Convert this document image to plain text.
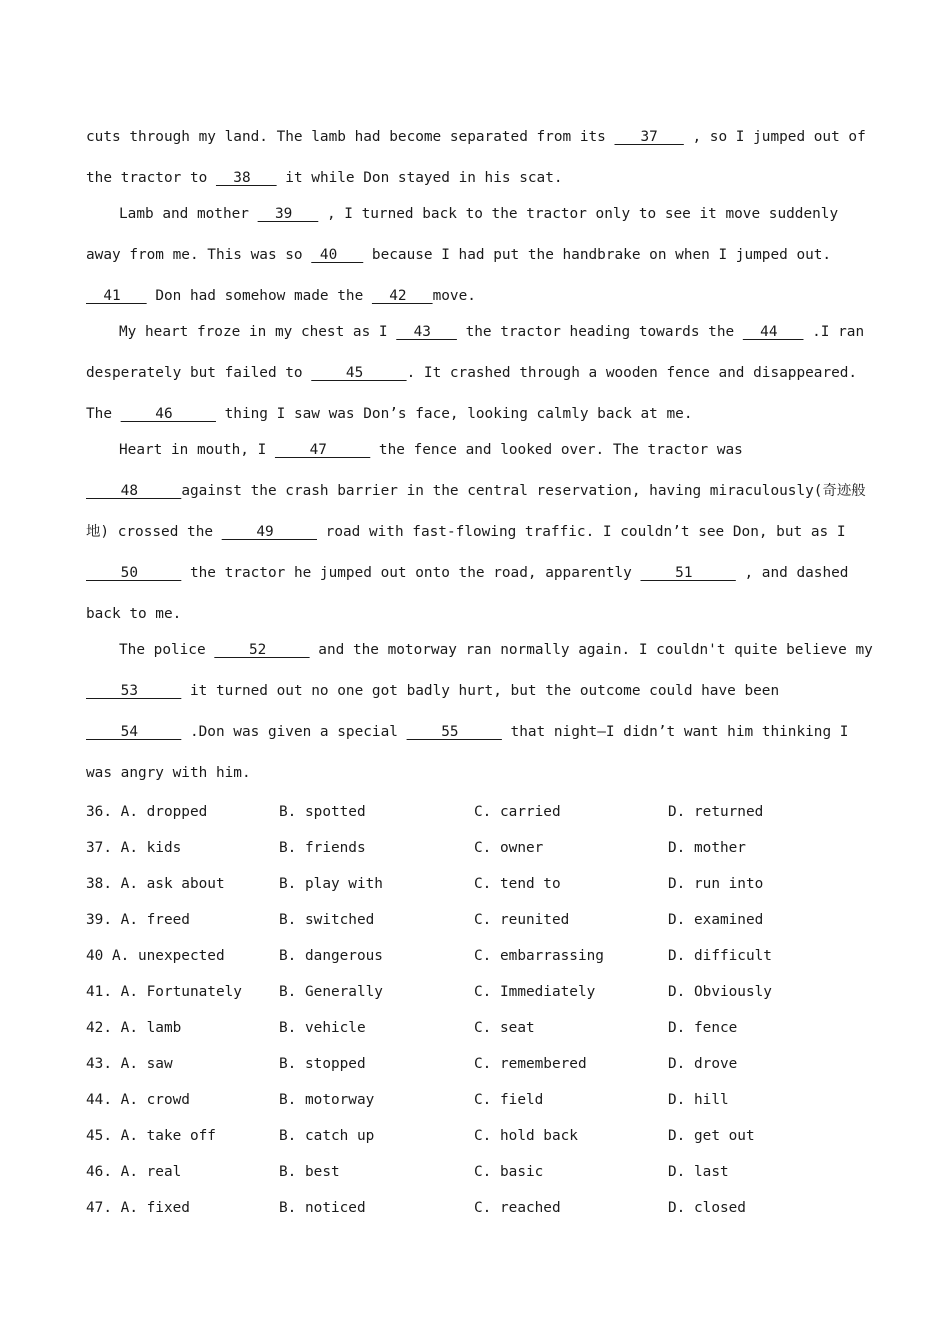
cuts through my land. The lamb had become separated from its    37    , so I jumped out of
the tractor to   38    it while Don stayed in his scat.
Lamb and mother   39    , I turned back to the tractor only to see it move suddenly
away from me. This was so  40    because I had put the handbrake on when I jumped out.
41    Don had somehow made the   42   move.
My heart froze in my chest as I   43    the tractor heading towards the   44    .I ran
desperately but failed to     45     . It crashed through a wooden fence and disappeared.
The     46      thing I saw was Don’s face, looking calmly back at me.
Heart in mouth, I     47      the fence and looked over. The tractor was
48     against the crash barrier in the central reservation, having miraculously(奇迹般
地) crossed the     49      road with fast-flowing traffic. I couldn’t see Don, but as I
50      the tractor he jumped out onto the road, apparently     51      , and dashed
back to me.
The police     52      and the motorway ran normally again. I couldn't quite believe my
53      it turned out no one got badly hurt, but the outcome could have been
54      .Don was given a special     55      that night—I didn’t want him thinking I
was angry with him.
36. A. dropped	B. spotted	C. carried	D. returned
37. A. kids	B. friends	C. owner	D. mother
38. A. ask about	B. play with	C. tend to	D. run into
39. A. freed	B. switched	C. reunited	D. examined
40 A. unexpected	B. dangerous	C. embarrassing	D. difficult
41. A. Fortunately	B. Generally	C. Immediately	D. Obviously
42. A. lamb	B. vehicle	C. seat	D. fence
43. A. saw	B. stopped	C. remembered	D. drove
44. A. crowd	B. motorway	C. field	D. hill
45. A. take off	B. catch up	C. hold back	D. get out
46. A. real	B. best	C. basic	D. last
47. A. fixed	B. noticed	C. reached	D. closed
